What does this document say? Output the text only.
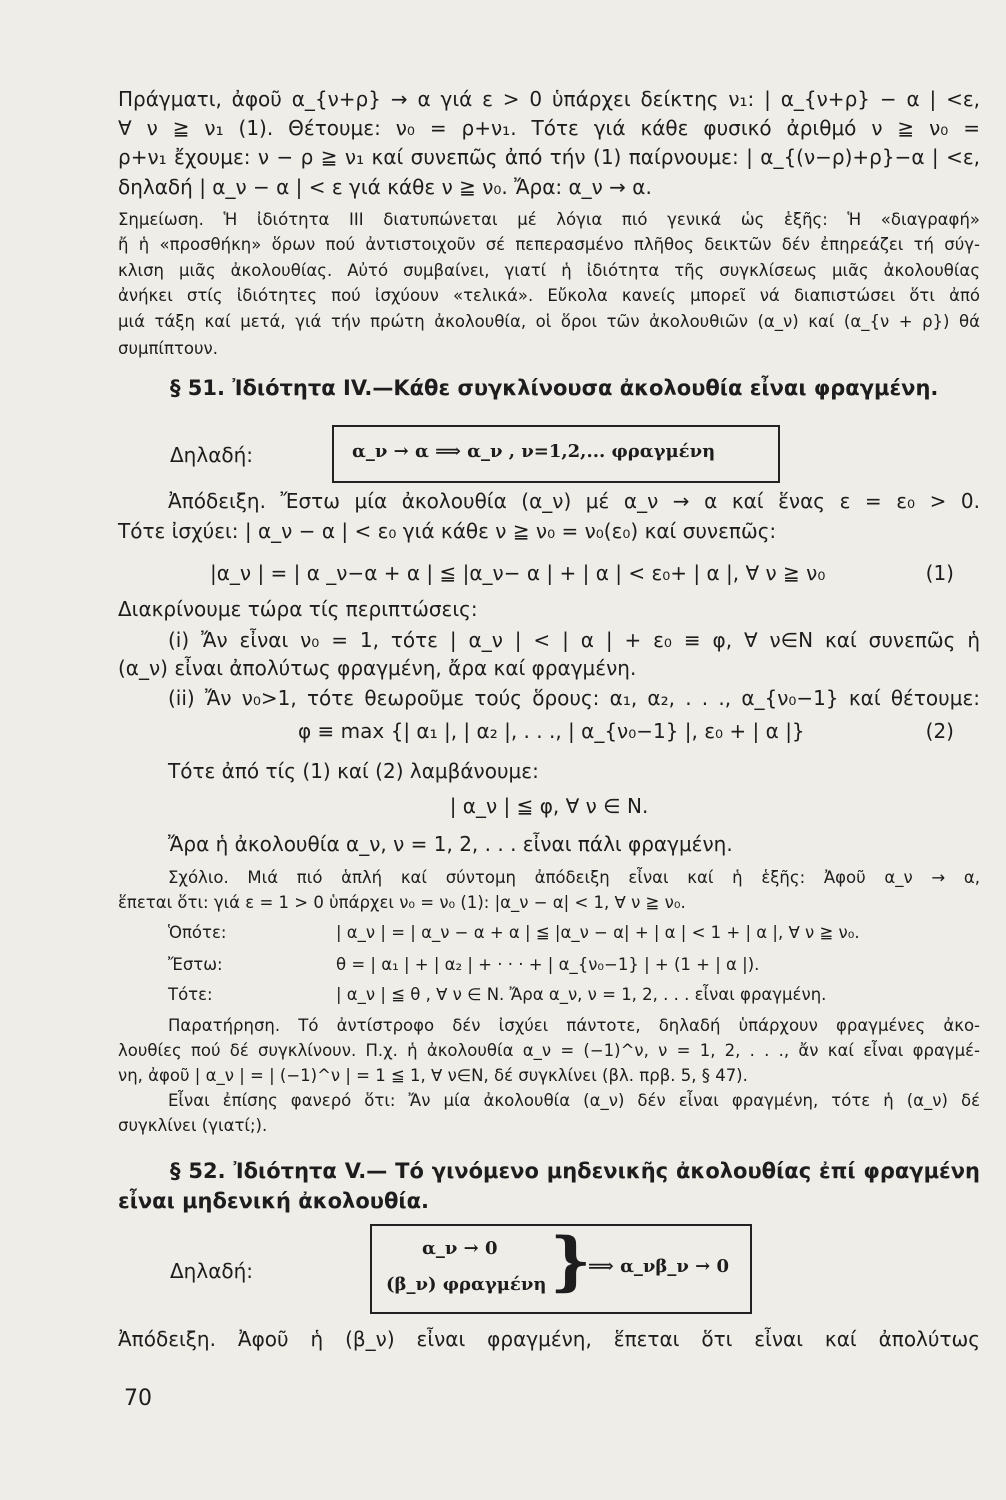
Πράγματι, ἀφοῦ α_{ν+ρ} → α γιά ε > 0 ὑπάρχει δείκτης ν₁: | α_{ν+ρ} − α | <ε,
∀ ν ≧ ν₁ (1). Θέτουμε: ν₀ = ρ+ν₁. Τότε γιά κάθε φυσικό ἀριθμό ν ≧ ν₀ =
ρ+ν₁ ἔχουμε: ν − ρ ≧ ν₁ καί συνεπῶς ἀπό τήν (1) παίρνουμε: | α_{(ν−ρ)+ρ}−α | <ε,
δηλαδή | α_ν − α | < ε γιά κάθε ν ≧ ν₀. Ἄρα: α_ν → α.
Σημείωση. Ἡ ἰδιότητα ΙΙΙ διατυπώνεται μέ λόγια πιό γενικά ὡς ἑξῆς: Ἡ «διαγραφή»
ἤ ἡ «προσθήκη» ὅρων πού ἀντιστοιχοῦν σέ πεπερασμένο πλῆθος δεικτῶν δέν ἐπηρεάζει τή σύγ-
κλιση μιᾶς ἀκολουθίας. Αὐτό συμβαίνει, γιατί ἡ ἰδιότητα τῆς συγκλίσεως μιᾶς ἀκολουθίας
ἀνήκει στίς ἰδιότητες πού ἰσχύουν «τελικά». Εὔκολα κανείς μπορεῖ νά διαπιστώσει ὅτι ἀπό
μιά τάξη καί μετά, γιά τήν πρώτη ἀκολουθία, οἱ ὅροι τῶν ἀκολουθιῶν (α_ν) καί (α_{ν + ρ}) θά
συμπίπτουν.
§ 51. Ἰδιότητα IV.—Κάθε συγκλίνουσα ἀκολουθία εἶναι φραγμένη.
Δηλαδή:	α_ν → α ⟹ α_ν , ν=1,2,... φραγμένη
Ἀπόδειξη. Ἔστω μία ἀκολουθία (α_ν) μέ α_ν → α καί ἕνας ε = ε₀ > 0.
Τότε ἰσχύει: | α_ν − α | < ε₀ γιά κάθε ν ≧ ν₀ = ν₀(ε₀) καί συνεπῶς:
|α_ν | = | α _ν−α + α | ≦ |α_ν− α | + | α | < ε₀+ | α |, ∀ ν ≧ ν₀	(1)
Διακρίνουμε τώρα τίς περιπτώσεις:
(i) Ἄν εἶναι ν₀ = 1, τότε | α_ν | < | α | + ε₀ ≡ φ, ∀ ν∈N καί συνεπῶς ἡ
(α_ν) εἶναι ἀπολύτως φραγμένη, ἄρα καί φραγμένη.
(ii) Ἄν ν₀>1, τότε θεωροῦμε τούς ὅρους: α₁, α₂, . . ., α_{ν₀−1} καί θέτουμε:
φ ≡ max {| α₁ |, | α₂ |, . . ., | α_{ν₀−1} |, ε₀ + | α |}	(2)
Τότε ἀπό τίς (1) καί (2) λαμβάνουμε:
| α_ν | ≦ φ, ∀ ν ∈ N.
Ἄρα ἡ ἀκολουθία α_ν, ν = 1, 2, . . . εἶναι πάλι φραγμένη.
Σχόλιο. Μιά πιό ἁπλή καί σύντομη ἀπόδειξη εἶναι καί ἡ ἑξῆς: Ἀφοῦ α_ν → α,
ἕπεται ὅτι: γιά ε = 1 > 0 ὑπάρχει ν₀ = ν₀ (1): |α_ν − α| < 1, ∀ ν ≧ ν₀.
Ὁπότε:	| α_ν | = | α_ν − α + α | ≦ |α_ν − α| + | α | < 1 + | α |, ∀ ν ≧ ν₀.
Ἔστω:	θ = | α₁ | + | α₂ | + · · · + | α_{ν₀−1} | + (1 + | α |).
Τότε:	| α_ν | ≦ θ , ∀ ν ∈ N. Ἄρα α_ν, ν = 1, 2, . . . εἶναι φραγμένη.
Παρατήρηση. Τό ἀντίστροφο δέν ἰσχύει πάντοτε, δηλαδή ὑπάρχουν φραγμένες ἀκο-
λουθίες πού δέ συγκλίνουν. Π.χ. ἡ ἀκολουθία α_ν = (−1)^ν, ν = 1, 2, . . ., ἄν καί εἶναι φραγμέ-
νη, ἀφοῦ | α_ν | = | (−1)^ν | = 1 ≦ 1, ∀ ν∈N, δέ συγκλίνει (βλ. πρβ. 5, § 47).
Εἶναι ἐπίσης φανερό ὅτι: Ἄν μία ἀκολουθία (α_ν) δέν εἶναι φραγμένη, τότε ἡ (α_ν) δέ
συγκλίνει (γιατί;).
§ 52. Ἰδιότητα V.— Τό γινόμενο μηδενικῆς ἀκολουθίας ἐπί φραγμένη
εἶναι μηδενική ἀκολουθία.
Δηλαδή:
α_ν → 0
(β_ν) φραγμένη }
⟹ α_νβ_ν → 0
Ἀπόδειξη. Ἀφοῦ ἡ (β_ν) εἶναι φραγμένη, ἕπεται ὅτι εἶναι καί ἀπολύτως
70
